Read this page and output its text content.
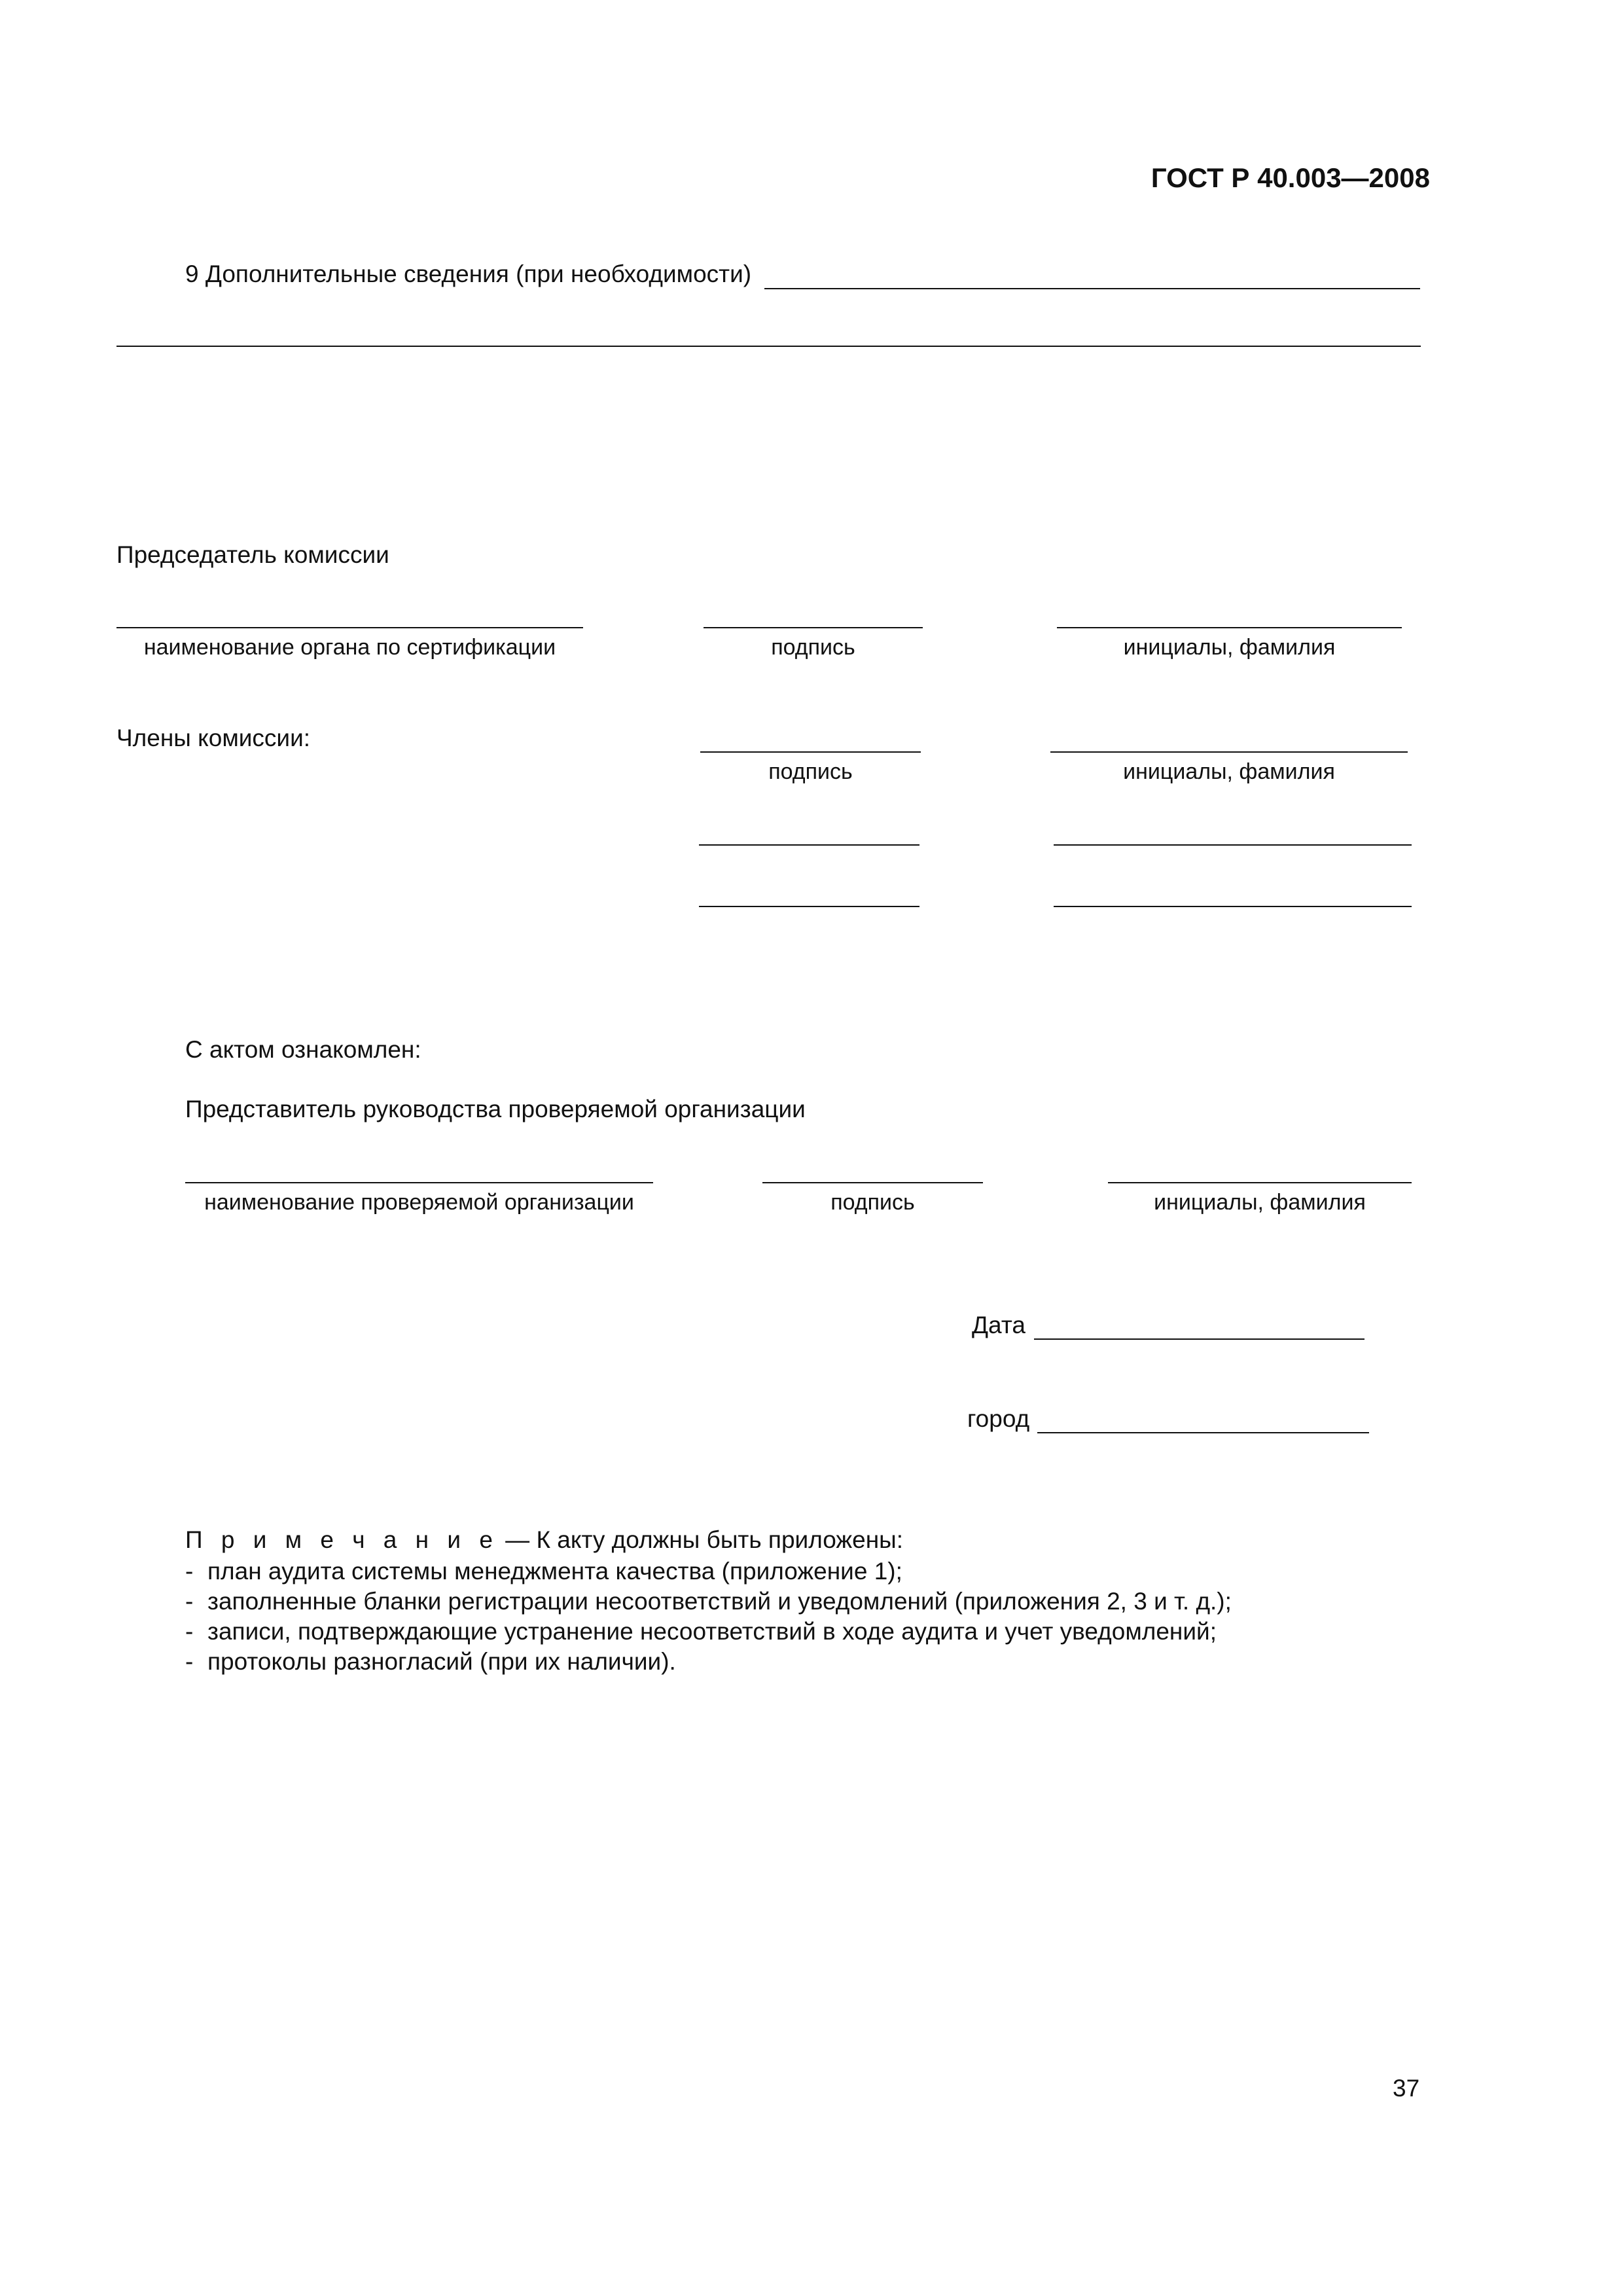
ГОСТ Р 40.003—2008
9 Дополнительные сведения (при необходимости)
Председатель комиссии
наименование органа по сертификации	подпись	инициалы, фамилия
Члены комиссии:
подпись	инициалы, фамилия
С актом ознакомлен:
Представитель руководства проверяемой организации
наименование проверяемой организации	подпись	инициалы, фамилия
Дата
город
П р и м е ч а н и е — К акту должны быть приложены:
- план аудита системы менеджмента качества (приложение 1);
- заполненные бланки регистрации несоответствий и уведомлений (приложения 2, 3 и т. д.);
- записи, подтверждающие устранение несоответствий в ходе аудита и учет уведомлений;
- протоколы разногласий (при их наличии).
37
